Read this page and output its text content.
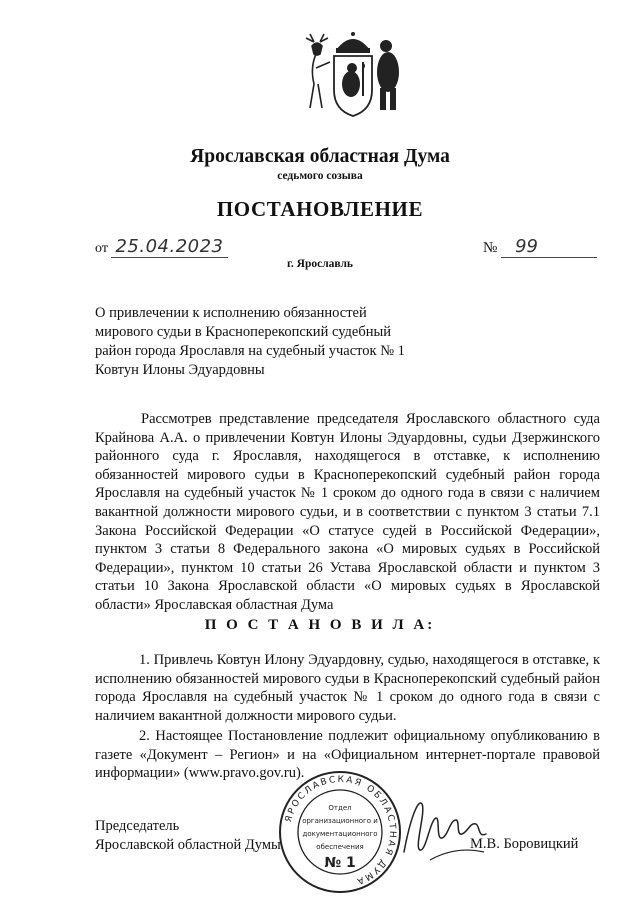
Ярославская областная Дума
седьмого созыва
ПОСТАНОВЛЕНИЕ
от 25.04.2023	№ 99
г. Ярославль
О привлечении к исполнению обязанностей
мирового судьи в Красноперекопский судебный
район города Ярославля на судебный участок № 1
Ковтун Илоны Эдуардовны
Рассмотрев представление председателя Ярославского областного суда Крайнова А.А. о привлечении Ковтун Илоны Эдуардовны, судьи Дзержинского районного суда г. Ярославля, находящегося в отставке, к исполнению обязанностей мирового судьи в Красноперекопский судебный район города Ярославля на судебный участок № 1 сроком до одного года в связи с наличием вакантной должности мирового судьи, и в соответствии с пунктом 3 статьи 7.1 Закона Российской Федерации «О статусе судей в Российской Федерации», пунктом 3 статьи 8 Федерального закона «О мировых судьях в Российской Федерации», пунктом 10 статьи 26 Устава Ярославской области и пунктом 3 статьи 10 Закона Ярославской области «О мировых судьях в Ярославской области» Ярославская областная Дума
П О С Т А Н О В И Л А:
1. Привлечь Ковтун Илону Эдуардовну, судью, находящегося в отставке, к исполнению обязанностей мирового судьи в Красноперекопский судебный район города Ярославля на судебный участок № 1 сроком до одного года в связи с наличием вакантной должности мирового судьи.
2. Настоящее Постановление подлежит официальному опубликованию в газете «Документ – Регион» и на «Официальном интернет-портале правовой информации» (www.pravo.gov.ru).
Председатель
Ярославской областной Думы
ЯРОСЛАВСКАЯ ОБЛАСТНАЯ ДУМА
Отдел
организационного и
документационного
обеспечения
№ 1
М.В. Боровицкий
